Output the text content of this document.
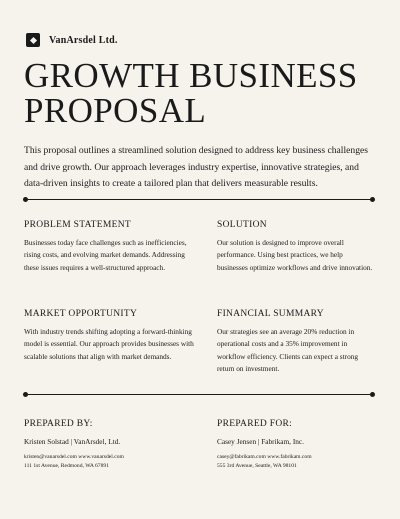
VanArsdel Ltd.
GROWTH BUSINESS
PROPOSAL

This proposal outlines a streamlined solution designed to address key business challenges and drive growth. Our approach leverages industry expertise, innovative strategies, and data-driven insights to create a tailored plan that delivers measurable results.

PROBLEM STATEMENT

Businesses today face challenges such as inefficiencies, rising costs, and evolving market demands. Addressing these issues requires a well-structured approach.

SOLUTION

Our solution is designed to improve overall performance. Using best practices, we help businesses optimize workflows and drive innovation.

MARKET OPPORTUNITY

With industry trends shifting adopting a forward-thinking model is essential. Our approach provides businesses with scalable solutions that align with market demands.

FINANCIAL SUMMARY

Our strategies see an average 20% reduction in operational costs and a 35% improvement in workflow efficiency. Clients can expect a strong return on investment.

PREPARED BY:
Kristen Solstad | VanArsdel, Ltd.
kristen@vanarsdel.com www.vanarsdel.com
111 1st Avenue, Redmond, WA 67891
PREPARED FOR:
Casey Jensen | Fabrikam, Inc.
casey@fabrikam.com www.fabrikam.com
555 3rd Avenue, Seattle, WA 98101
